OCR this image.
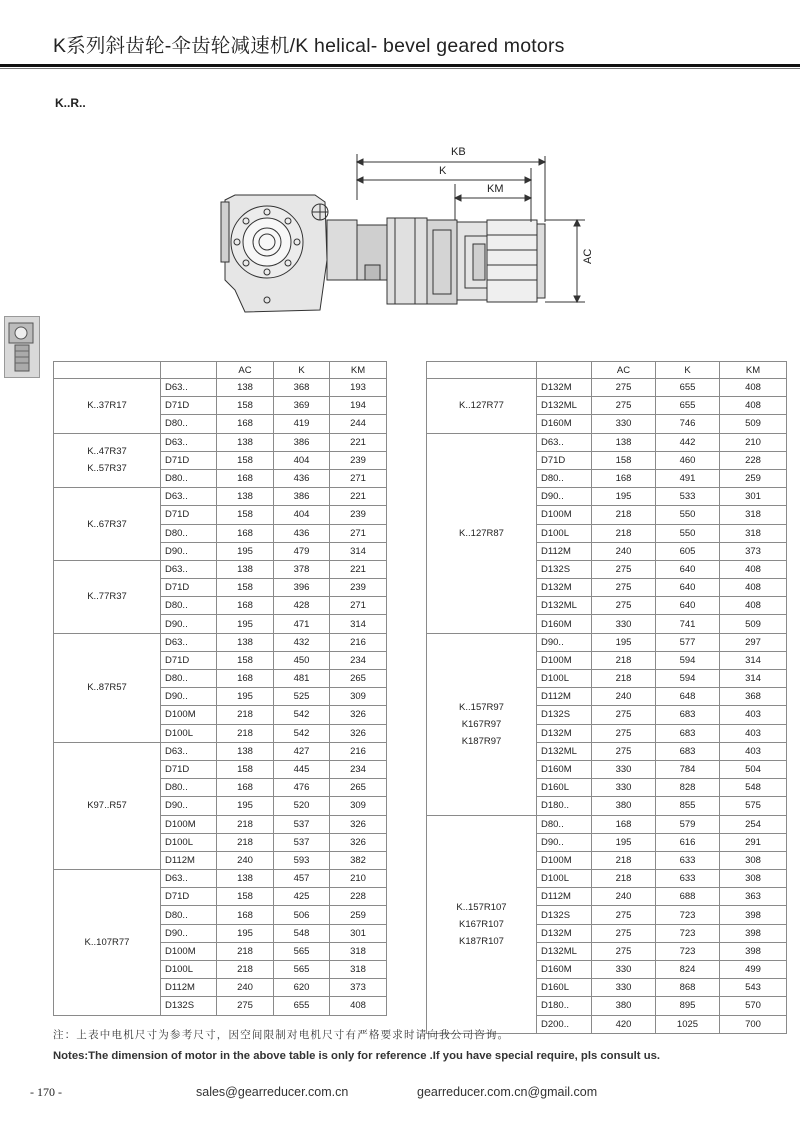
K系列斜齿轮-伞齿轮减速机/K helical- bevel geared motors
K..R..
KB
K
KM
AC
		AC	K	KM

K..37R17	D63..	138	368	193
	D71D	158	369	194
	D80..	168	419	244

K..47R37
K..57R37	D63..	138	386	221
	D71D	158	404	239
	D80..	168	436	271

K..67R37	D63..	138	386	221
	D71D	158	404	239
	D80..	168	436	271
	D90..	195	479	314

K..77R37	D63..	138	378	221
	D71D	158	396	239
	D80..	168	428	271
	D90..	195	471	314

K..87R57	D63..	138	432	216
	D71D	158	450	234
	D80..	168	481	265
	D90..	195	525	309
	D100M	218	542	326
	D100L	218	542	326

K97..R57	D63..	138	427	216
	D71D	158	445	234
	D80..	168	476	265
	D90..	195	520	309
	D100M	218	537	326
	D100L	218	537	326
	D112M	240	593	382

K..107R77	D63..	138	457	210
	D71D	158	425	228
	D80..	168	506	259
	D90..	195	548	301
	D100M	218	565	318
	D100L	218	565	318
	D112M	240	620	373
	D132S	275	655	408
		AC	K	KM

K..127R77	D132M	275	655	408
	D132ML	275	655	408
	D160M	330	746	509

K..127R87	D63..	138	442	210
	D71D	158	460	228
	D80..	168	491	259
	D90..	195	533	301
	D100M	218	550	318
	D100L	218	550	318
	D112M	240	605	373
	D132S	275	640	408
	D132M	275	640	408
	D132ML	275	640	408
	D160M	330	741	509

K..157R97
K167R97
K187R97	D90..	195	577	297
	D100M	218	594	314
	D100L	218	594	314
	D112M	240	648	368
	D132S	275	683	403
	D132M	275	683	403
	D132ML	275	683	403
	D160M	330	784	504
	D160L	330	828	548
	D180..	380	855	575

K..157R107
K167R107
K187R107	D80..	168	579	254
	D90..	195	616	291
	D100M	218	633	308
	D100L	218	633	308
	D112M	240	688	363
	D132S	275	723	398
	D132M	275	723	398
	D132ML	275	723	398
	D160M	330	824	499
	D160L	330	868	543
	D180..	380	895	570
	D200..	420	1025	700
注：上表中电机尺寸为参考尺寸，因空间限制对电机尺寸有严格要求时请向我公司咨询。
Notes:The dimension of motor in the above table is only for reference .If you have special require, pls consult us.
- 170 -	sales@gearreducer.com.cn	gearreducer.com.cn@gmail.com
